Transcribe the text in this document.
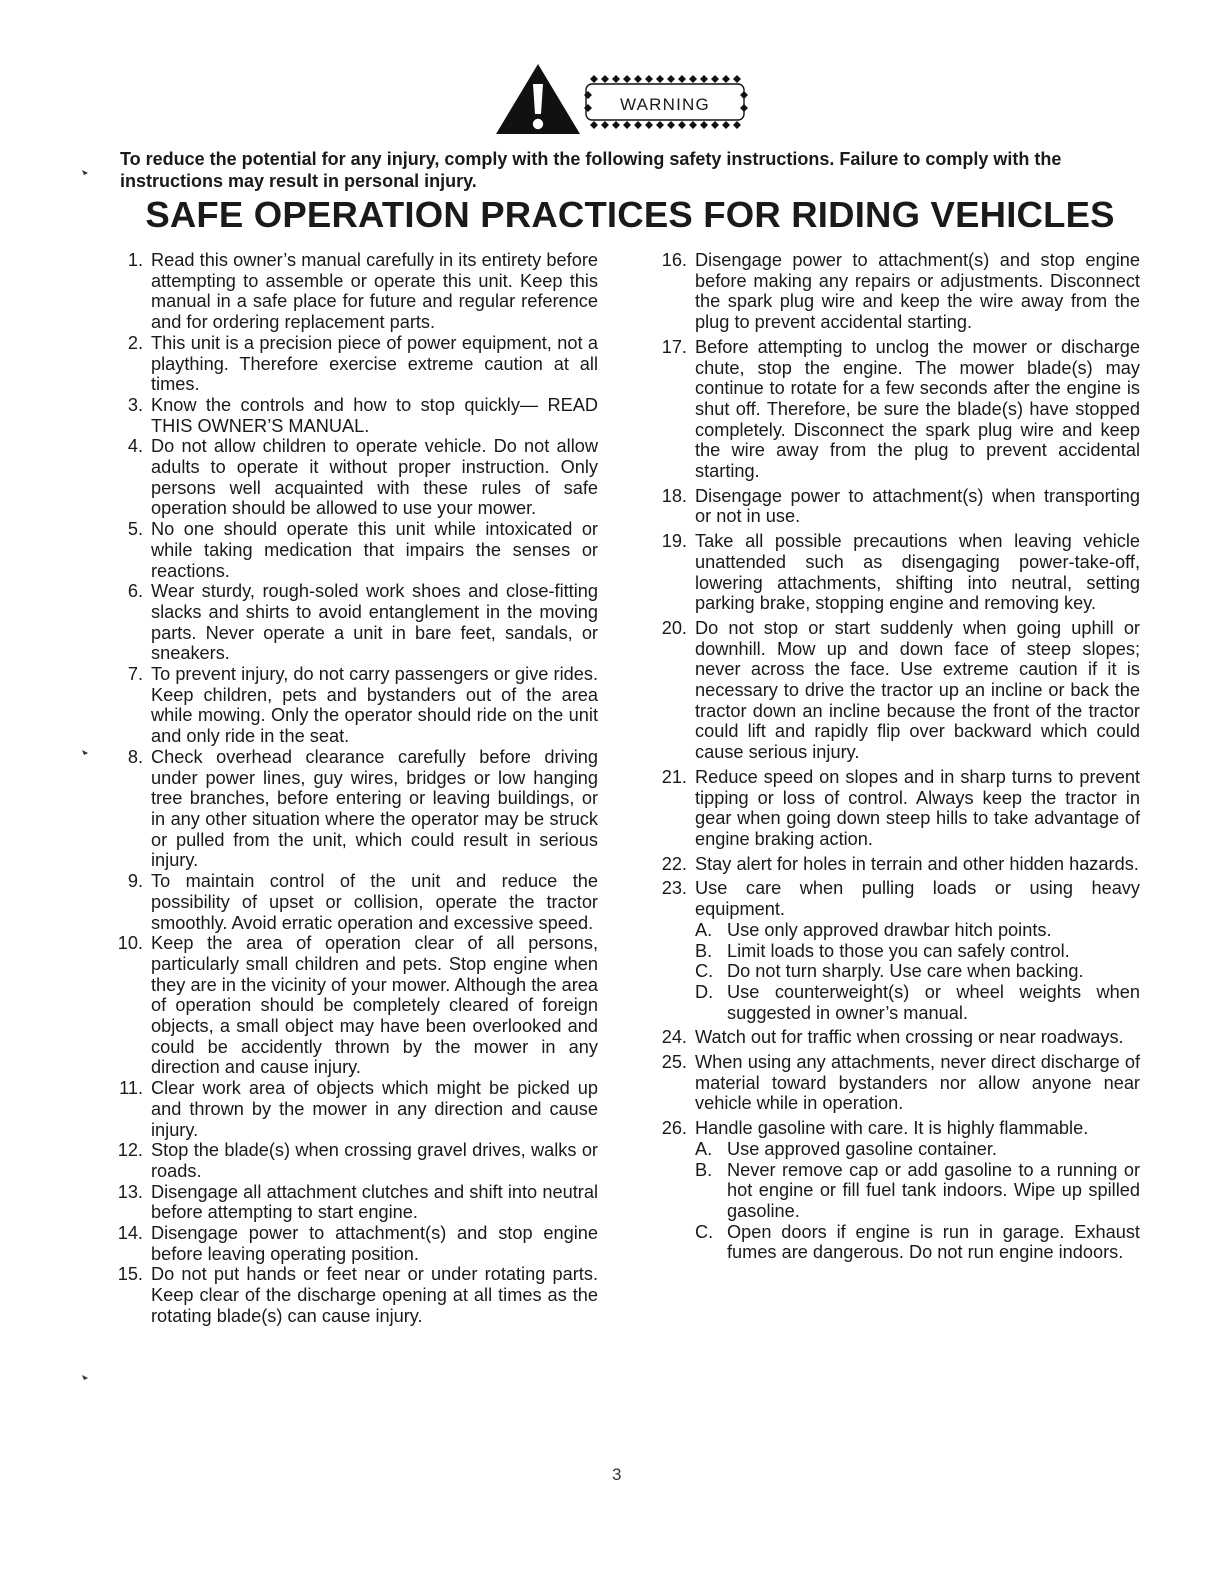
WARNING

To reduce the potential for any injury, comply with the following safety instructions. Failure to comply with the instructions may result in personal injury.

SAFE OPERATION PRACTICES FOR RIDING VEHICLES
1. Read this owner’s manual carefully in its entirety before attempting to assemble or operate this unit. Keep this manual in a safe place for future and regular reference and for ordering replacement parts.
2. This unit is a precision piece of power equipment, not a plaything. Therefore exercise extreme caution at all times.
3. Know the controls and how to stop quickly— READ THIS OWNER’S MANUAL.
4. Do not allow children to operate vehicle. Do not allow adults to operate it without proper instruction. Only persons well acquainted with these rules of safe operation should be allowed to use your mower.
5. No one should operate this unit while intoxicated or while taking medication that impairs the senses or reactions.
6. Wear sturdy, rough-soled work shoes and close-fitting slacks and shirts to avoid entanglement in the moving parts. Never operate a unit in bare feet, sandals, or sneakers.
7. To prevent injury, do not carry passengers or give rides. Keep children, pets and bystanders out of the area while mowing. Only the operator should ride on the unit and only ride in the seat.
8. Check overhead clearance carefully before driving under power lines, guy wires, bridges or low hanging tree branches, before entering or leaving buildings, or in any other situation where the operator may be struck or pulled from the unit, which could result in serious injury.
9. To maintain control of the unit and reduce the possibility of upset or collision, operate the tractor smoothly. Avoid erratic operation and excessive speed.
10. Keep the area of operation clear of all persons, particularly small children and pets. Stop engine when they are in the vicinity of your mower. Although the area of operation should be completely cleared of foreign objects, a small object may have been overlooked and could be accidently thrown by the mower in any direction and cause injury.
11. Clear work area of objects which might be picked up and thrown by the mower in any direction and cause injury.
12. Stop the blade(s) when crossing gravel drives, walks or roads.
13. Disengage all attachment clutches and shift into neutral before attempting to start engine.
14. Disengage power to attachment(s) and stop engine before leaving operating position.
15. Do not put hands or feet near or under rotating parts. Keep clear of the discharge opening at all times as the rotating blade(s) can cause injury.
16. Disengage power to attachment(s) and stop engine before making any repairs or adjustments. Disconnect the spark plug wire and keep the wire away from the plug to prevent accidental starting.
17. Before attempting to unclog the mower or discharge chute, stop the engine. The mower blade(s) may continue to rotate for a few seconds after the engine is shut off. Therefore, be sure the blade(s) have stopped completely. Disconnect the spark plug wire and keep the wire away from the plug to prevent accidental starting.
18. Disengage power to attachment(s) when transporting or not in use.
19. Take all possible precautions when leaving vehicle unattended such as disengaging power-take-off, lowering attachments, shifting into neutral, setting parking brake, stopping engine and removing key.
20. Do not stop or start suddenly when going uphill or downhill. Mow up and down face of steep slopes; never across the face. Use extreme caution if it is necessary to drive the tractor up an incline or back the tractor down an incline because the front of the tractor could lift and rapidly flip over backward which could cause serious injury.
21. Reduce speed on slopes and in sharp turns to prevent tipping or loss of control. Always keep the tractor in gear when going down steep hills to take advantage of engine braking action.
22. Stay alert for holes in terrain and other hidden hazards.
23. Use care when pulling loads or using heavy equipment.
A. Use only approved drawbar hitch points.
B. Limit loads to those you can safely control.
C. Do not turn sharply. Use care when backing.
D. Use counterweight(s) or wheel weights when suggested in owner’s manual.
24. Watch out for traffic when crossing or near roadways.
25. When using any attachments, never direct discharge of material toward bystanders nor allow anyone near vehicle while in operation.
26. Handle gasoline with care. It is highly flammable.
A. Use approved gasoline container.
B. Never remove cap or add gasoline to a running or hot engine or fill fuel tank indoors. Wipe up spilled gasoline.
C. Open doors if engine is run in garage. Exhaust fumes are dangerous. Do not run engine indoors.
3
